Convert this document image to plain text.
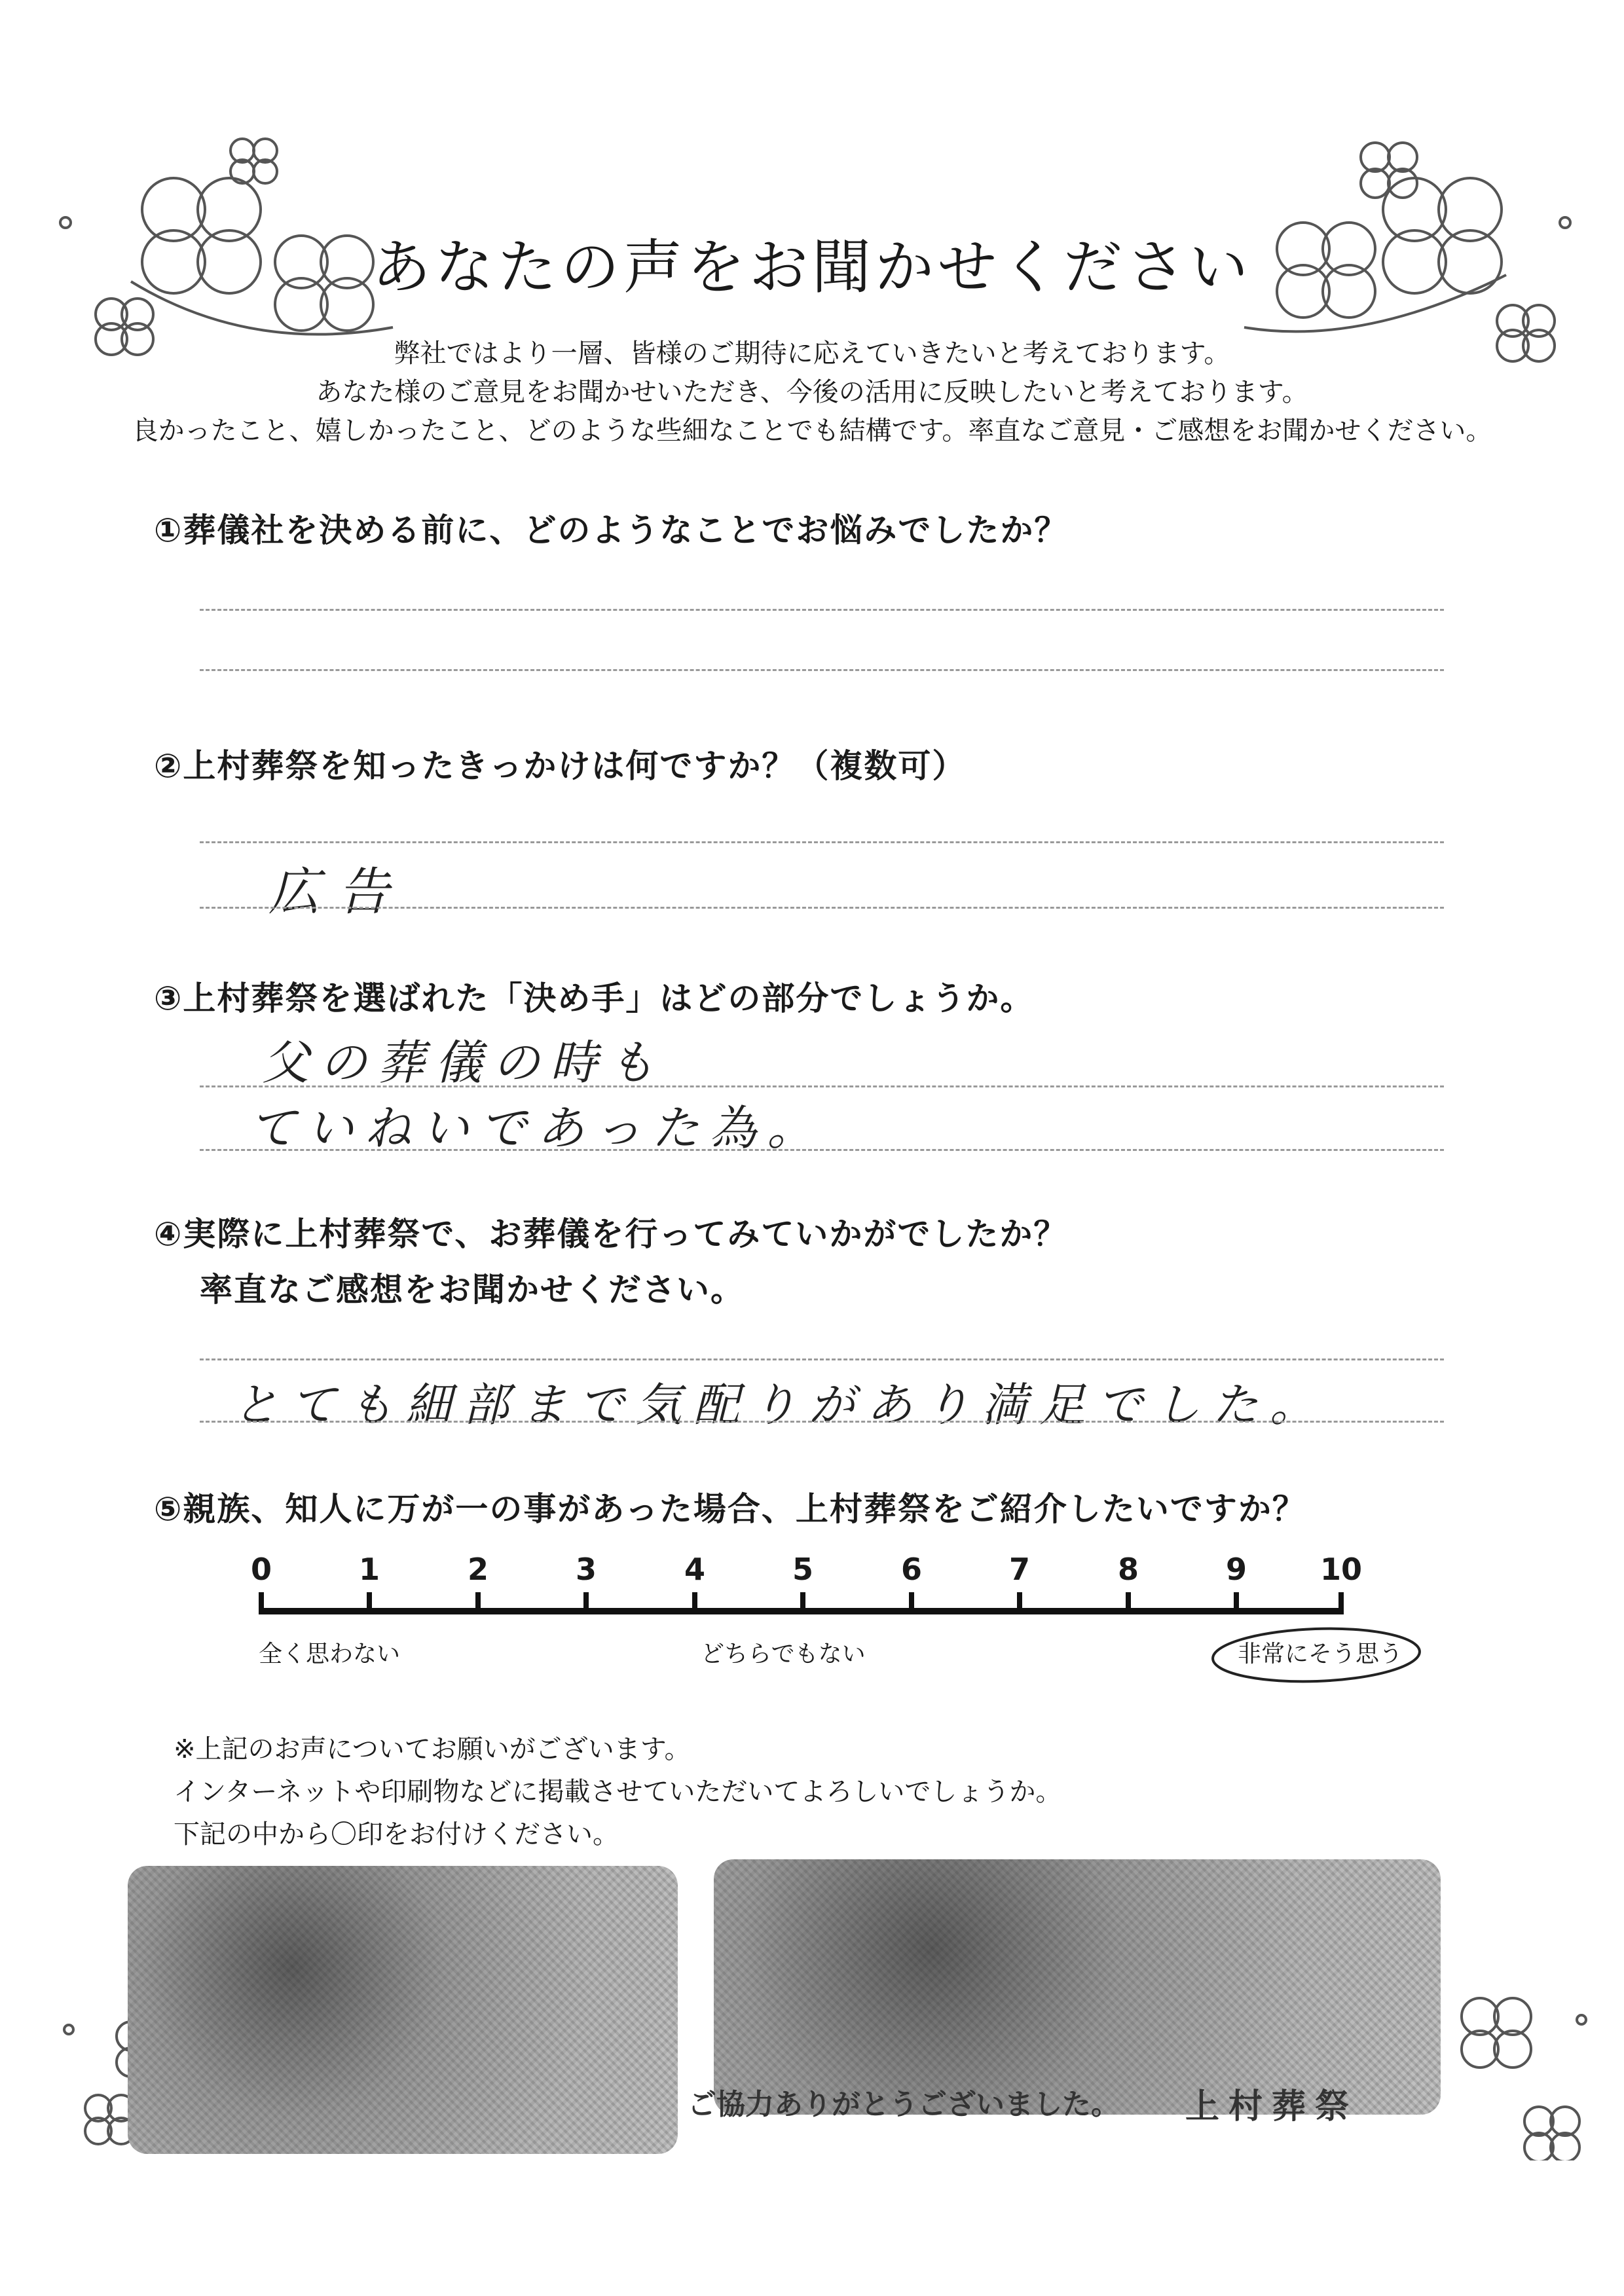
あなたの声をお聞かせください
弊社ではより一層、皆様のご期待に応えていきたいと考えております。
あなた様のご意見をお聞かせいただき、今後の活用に反映したいと考えております。
良かったこと、嬉しかったこと、どのような些細なことでも結構です。率直なご意見・ご感想をお聞かせください。
①葬儀社を決める前に、どのようなことでお悩みでしたか？
②上村葬祭を知ったきっかけは何ですか？（複数可）
広告
③上村葬祭を選ばれた「決め手」はどの部分でしょうか。
父の葬儀の時も
ていねいであった為。
④実際に上村葬祭で、お葬儀を行ってみていかがでしたか？
率直なご感想をお聞かせください。
とても細部まで気配りがあり満足でした。
⑤親族、知人に万が一の事があった場合、上村葬祭をご紹介したいですか？
0	1	2	3	4	5	6	7	8	9	10
全く思わない	どちらでもない	非常にそう思う
※上記のお声についてお願いがございます。
インターネットや印刷物などに掲載させていただいてよろしいでしょうか。
下記の中から〇印をお付けください。
ご協力ありがとうございました。 上村葬祭
